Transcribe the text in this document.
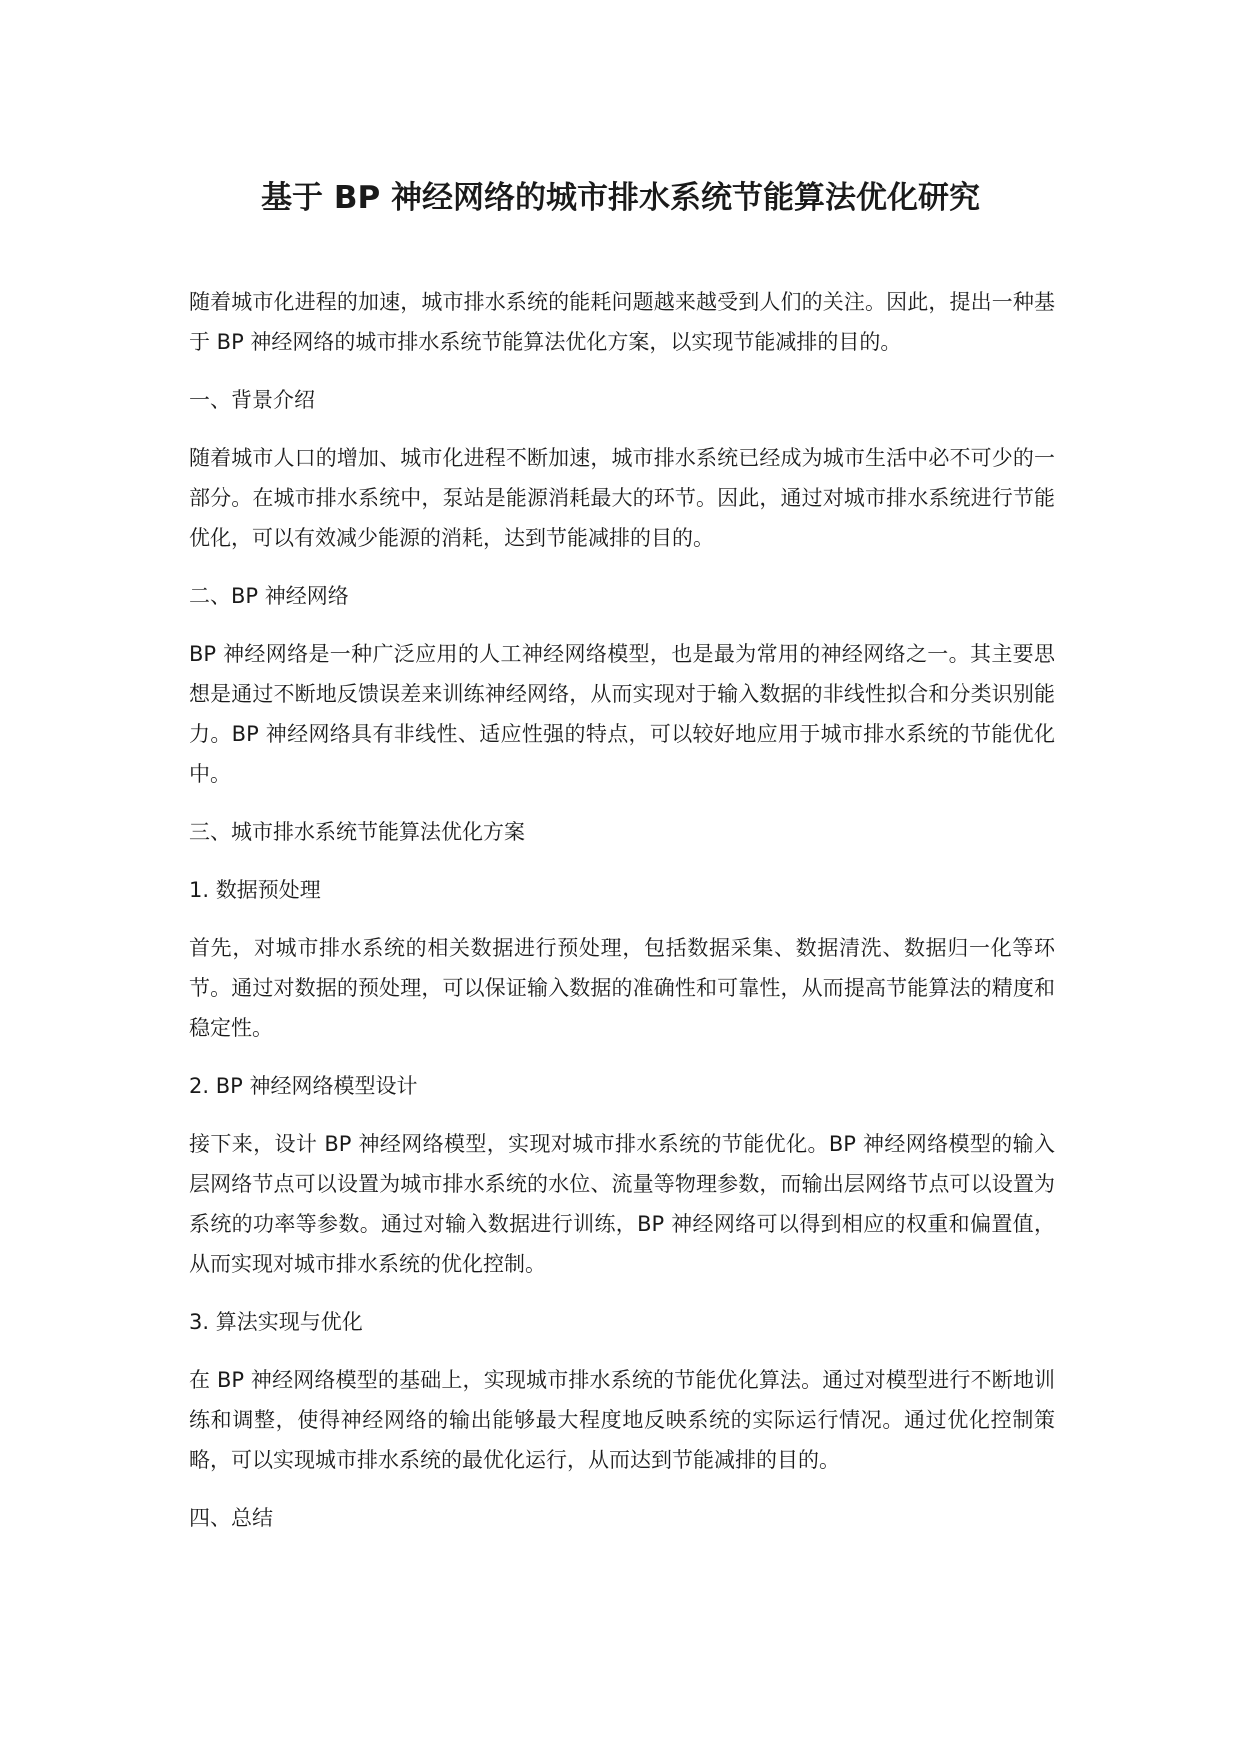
基于 BP 神经网络的城市排水系统节能算法优化研究

随着城市化进程的加速，城市排水系统的能耗问题越来越受到人们的关注。因此，提出一种基于 BP 神经网络的城市排水系统节能算法优化方案，以实现节能减排的目的。

一、背景介绍

随着城市人口的增加、城市化进程不断加速，城市排水系统已经成为城市生活中必不可少的一部分。在城市排水系统中，泵站是能源消耗最大的环节。因此，通过对城市排水系统进行节能优化，可以有效减少能源的消耗，达到节能减排的目的。

二、BP 神经网络

BP 神经网络是一种广泛应用的人工神经网络模型，也是最为常用的神经网络之一。其主要思想是通过不断地反馈误差来训练神经网络，从而实现对于输入数据的非线性拟合和分类识别能力。BP 神经网络具有非线性、适应性强的特点，可以较好地应用于城市排水系统的节能优化中。

三、城市排水系统节能算法优化方案

1. 数据预处理

首先，对城市排水系统的相关数据进行预处理，包括数据采集、数据清洗、数据归一化等环节。通过对数据的预处理，可以保证输入数据的准确性和可靠性，从而提高节能算法的精度和稳定性。

2. BP 神经网络模型设计

接下来，设计 BP 神经网络模型，实现对城市排水系统的节能优化。BP 神经网络模型的输入层网络节点可以设置为城市排水系统的水位、流量等物理参数，而输出层网络节点可以设置为系统的功率等参数。通过对输入数据进行训练，BP 神经网络可以得到相应的权重和偏置值，从而实现对城市排水系统的优化控制。

3. 算法实现与优化

在 BP 神经网络模型的基础上，实现城市排水系统的节能优化算法。通过对模型进行不断地训练和调整，使得神经网络的输出能够最大程度地反映系统的实际运行情况。通过优化控制策略，可以实现城市排水系统的最优化运行，从而达到节能减排的目的。

四、总结
